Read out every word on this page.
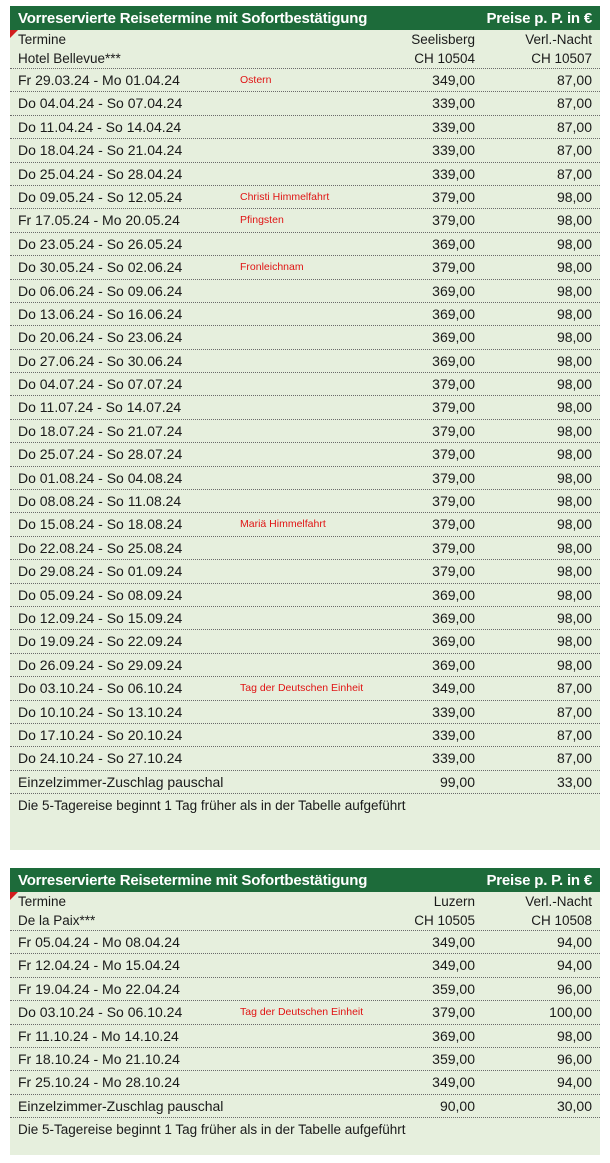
Vorreservierte Reisetermine mit Sofortbestätigung	Preise p. P. in €
Termine	Seelisberg	Verl.-Nacht
Hotel Bellevue***	CH 10504	CH 10507
Fr 29.03.24 - Mo 01.04.24	Ostern	349,00	87,00
Do 04.04.24 - So 07.04.24	339,00	87,00
Do 11.04.24 - So 14.04.24	339,00	87,00
Do 18.04.24 - So 21.04.24	339,00	87,00
Do 25.04.24 - So 28.04.24	339,00	87,00
Do 09.05.24 - So 12.05.24	Christi Himmelfahrt	379,00	98,00
Fr 17.05.24 - Mo 20.05.24	Pfingsten	379,00	98,00
Do 23.05.24 - So 26.05.24	369,00	98,00
Do 30.05.24 - So 02.06.24	Fronleichnam	379,00	98,00
Do 06.06.24 - So 09.06.24	369,00	98,00
Do 13.06.24 - So 16.06.24	369,00	98,00
Do 20.06.24 - So 23.06.24	369,00	98,00
Do 27.06.24 - So 30.06.24	369,00	98,00
Do 04.07.24 - So 07.07.24	379,00	98,00
Do 11.07.24 - So 14.07.24	379,00	98,00
Do 18.07.24 - So 21.07.24	379,00	98,00
Do 25.07.24 - So 28.07.24	379,00	98,00
Do 01.08.24 - So 04.08.24	379,00	98,00
Do 08.08.24 - So 11.08.24	379,00	98,00
Do 15.08.24 - So 18.08.24	Mariä Himmelfahrt	379,00	98,00
Do 22.08.24 - So 25.08.24	379,00	98,00
Do 29.08.24 - So 01.09.24	379,00	98,00
Do 05.09.24 - So 08.09.24	369,00	98,00
Do 12.09.24 - So 15.09.24	369,00	98,00
Do 19.09.24 - So 22.09.24	369,00	98,00
Do 26.09.24 - So 29.09.24	369,00	98,00
Do 03.10.24 - So 06.10.24	Tag der Deutschen Einheit	349,00	87,00
Do 10.10.24 - So 13.10.24	339,00	87,00
Do 17.10.24 - So 20.10.24	339,00	87,00
Do 24.10.24 - So 27.10.24	339,00	87,00
Einzelzimmer-Zuschlag pauschal	99,00	33,00
Die 5-Tagereise beginnt 1 Tag früher als in der Tabelle aufgeführt
Vorreservierte Reisetermine mit Sofortbestätigung	Preise p. P. in €
Termine	Luzern	Verl.-Nacht
De la Paix***	CH 10505	CH 10508
Fr 05.04.24 - Mo 08.04.24	349,00	94,00
Fr 12.04.24 - Mo 15.04.24	349,00	94,00
Fr 19.04.24 - Mo 22.04.24	359,00	96,00
Do 03.10.24 - So 06.10.24	Tag der Deutschen Einheit	379,00	100,00
Fr 11.10.24 - Mo 14.10.24	369,00	98,00
Fr 18.10.24 - Mo 21.10.24	359,00	96,00
Fr 25.10.24 - Mo 28.10.24	349,00	94,00
Einzelzimmer-Zuschlag pauschal	90,00	30,00
Die 5-Tagereise beginnt 1 Tag früher als in der Tabelle aufgeführt
